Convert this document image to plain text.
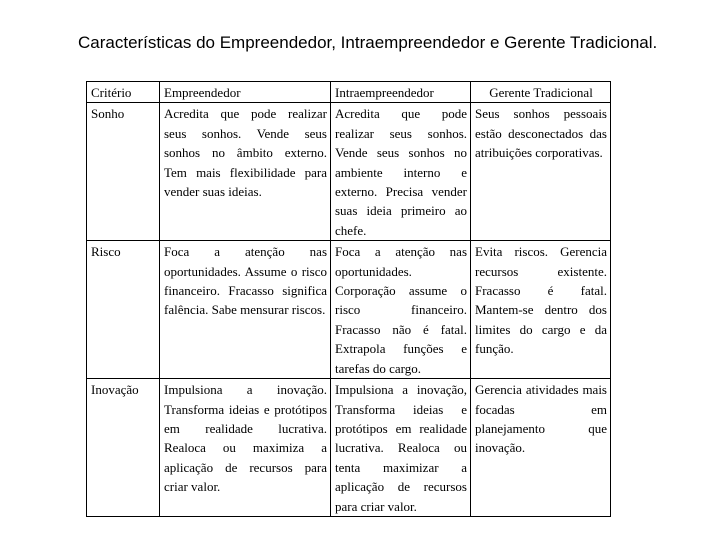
Características do Empreendedor, Intraempreendedor e Gerente Tradicional.
Critério	Empreendedor	Intraempreendedor	Gerente Tradicional
Sonho	Acredita que pode realizar seus sonhos. Vende seus sonhos no âmbito externo. Tem mais flexibilidade para vender suas ideias.	Acredita que pode realizar seus sonhos. Vende seus sonhos no ambiente interno e externo. Precisa vender suas ideia primeiro ao chefe.	Seus sonhos pessoais estão desconectados das atribuições corporativas.
Risco	Foca a atenção nas oportunidades. Assume o risco financeiro. Fracasso significa falência. Sabe mensurar riscos.	Foca a atenção nas oportunidades. Corporação assume o risco financeiro. Fracasso não é fatal. Extrapola funções e tarefas do cargo.	Evita riscos. Gerencia recursos existente. Fracasso é fatal. Mantem-se dentro dos limites do cargo e da função.
Inovação	Impulsiona a inovação. Transforma ideias e protótipos em realidade lucrativa. Realoca ou maximiza a aplicação de recursos para criar valor.	Impulsiona a inovação, Transforma ideias e protótipos em realidade lucrativa. Realoca ou tenta maximizar a aplicação de recursos para criar valor.	Gerencia atividades mais focadas em planejamento que inovação.
